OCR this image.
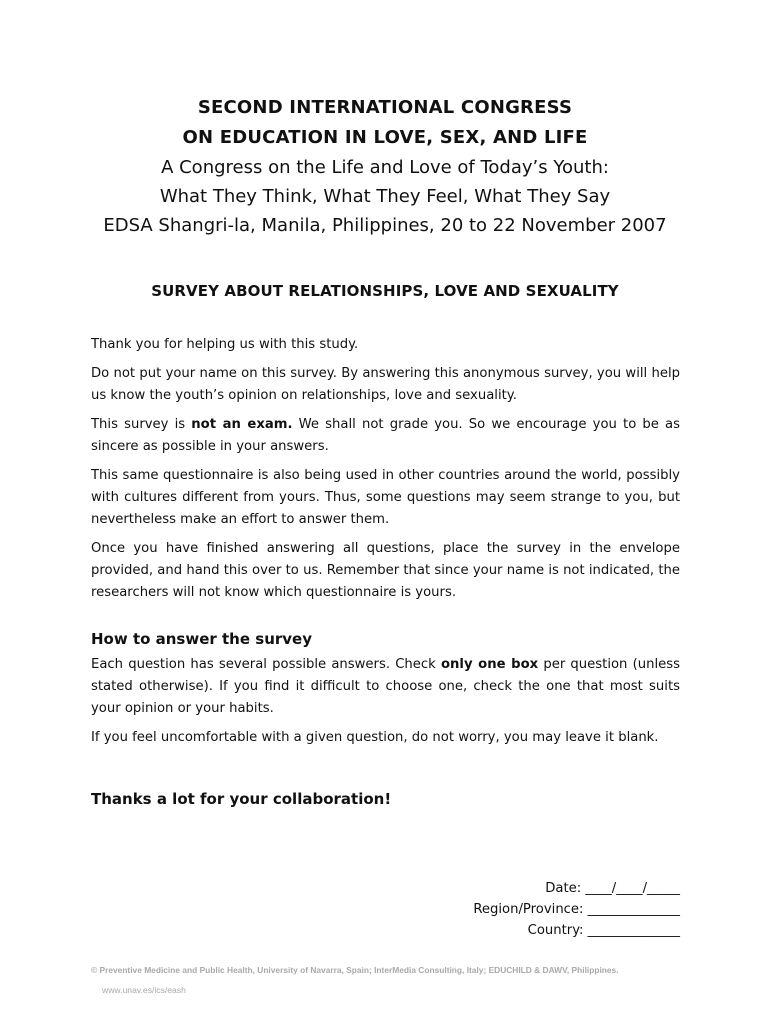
SECOND INTERNATIONAL CONGRESS
ON EDUCATION IN LOVE, SEX, AND LIFE
A Congress on the Life and Love of Today’s Youth:
What They Think, What They Feel, What They Say
EDSA Shangri-la, Manila, Philippines, 20 to 22 November 2007
SURVEY ABOUT RELATIONSHIPS, LOVE AND SEXUALITY

Thank you for helping us with this study.

Do not put your name on this survey. By answering this anonymous survey, you will help us know the youth’s opinion on relationships, love and sexuality.

This survey is not an exam. We shall not grade you. So we encourage you to be as sincere as possible in your answers.

This same questionnaire is also being used in other countries around the world, possibly with cultures different from yours. Thus, some questions may seem strange to you, but nevertheless make an effort to answer them.

Once you have finished answering all questions, place the survey in the envelope provided, and hand this over to us. Remember that since your name is not indicated, the researchers will not know which questionnaire is yours.

How to answer the survey

Each question has several possible answers. Check only one box per question (unless stated otherwise). If you find it difficult to choose one, check the one that most suits your opinion or your habits.

If you feel uncomfortable with a given question, do not worry, you may leave it blank.

Thanks a lot for your collaboration!
Date: ____/____/_____
Region/Province: ______________
Country: ______________
© Preventive Medicine and Public Health, University of Navarra, Spain; InterMedia Consulting, Italy; EDUCHILD & DAWV, Philippines.
www.unav.es/ics/eash
